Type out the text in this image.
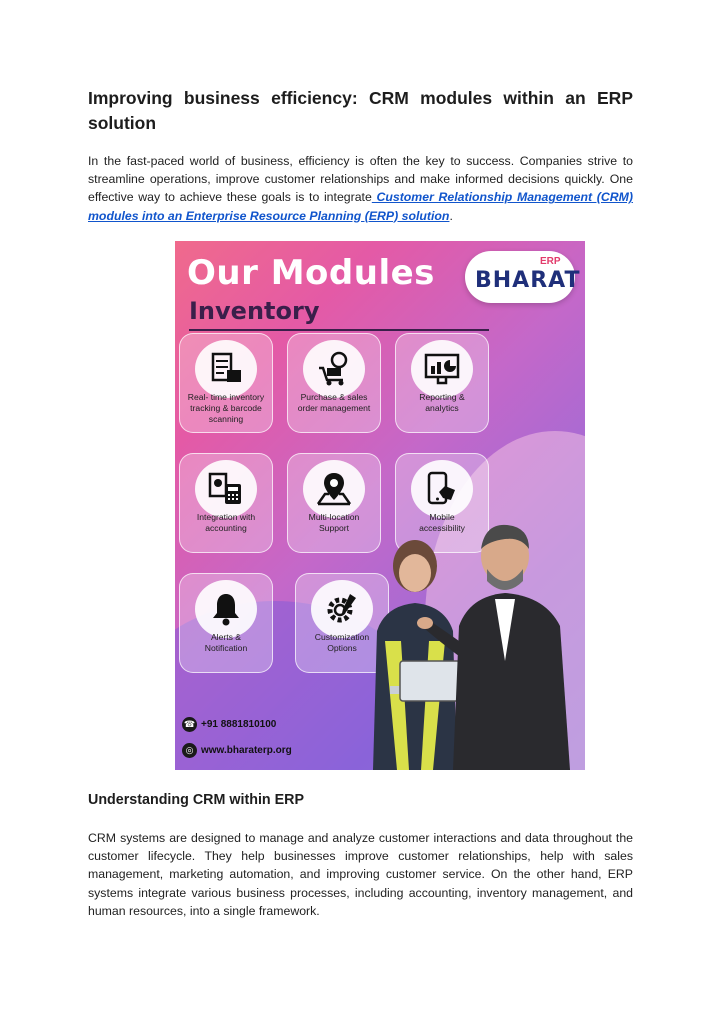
Improving business efficiency: CRM modules within an ERP solution

In the fast-paced world of business, efficiency is often the key to success. Companies strive to streamline operations, improve customer relationships and make informed decisions quickly. One effective way to achieve these goals is to integrate Customer Relationship Management (CRM) modules into an Enterprise Resource Planning (ERP) solution.

Our Modules
Inventory
BHARAT
ERP
Real- time inventory
tracking & barcode
scanning
Purchase & sales
order management
Reporting &
analytics
Integration with
accounting
Multi-location
Support
Mobile
accessibility
Alerts &
Notification
Customization
Options
☎ +91 8881810100
◎ www.bharaterp.org
Understanding CRM within ERP

CRM systems are designed to manage and analyze customer interactions and data throughout the customer lifecycle. They help businesses improve customer relationships, help with sales management, marketing automation, and improving customer service. On the other hand, ERP systems integrate various business processes, including accounting, inventory management, and human resources, into a single framework.
